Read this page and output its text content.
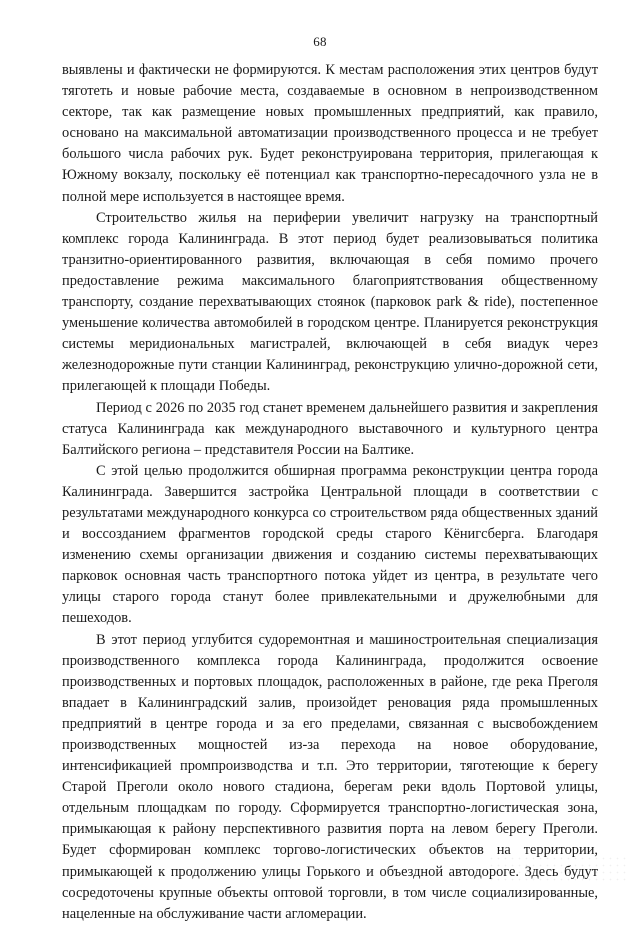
68

выявлены и фактически не формируются. К местам расположения этих центров будут тяготеть и новые рабочие места, создаваемые в основном в непроизводственном секторе, так как размещение новых промышленных предприятий, как правило, основано на максимальной автоматизации производственного процесса и не требует большого числа рабочих рук. Будет реконструирована территория, прилегающая к Южному вокзалу, поскольку её потенциал как транспортно-пересадочного узла не в полной мере используется в настоящее время.

Строительство жилья на периферии увеличит нагрузку на транспортный комплекс города Калининграда. В этот период будет реализовываться политика транзитно-ориентированного развития, включающая в себя помимо прочего предоставление режима максимального благоприятствования общественному транспорту, создание перехватывающих стоянок (парковок park & ride), постепенное уменьшение количества автомобилей в городском центре. Планируется реконструкция системы меридиональных магистралей, включающей в себя виадук через железнодорожные пути станции Калининград, реконструкцию улично-дорожной сети, прилегающей к площади Победы.

Период с 2026 по 2035 год станет временем дальнейшего развития и закрепления статуса Калининграда как международного выставочного и культурного центра Балтийского региона – представителя России на Балтике.

С этой целью продолжится обширная программа реконструкции центра города Калининграда. Завершится застройка Центральной площади в соответствии с результатами международного конкурса со строительством ряда общественных зданий и воссозданием фрагментов городской среды старого Кёнигсберга. Благодаря изменению схемы организации движения и созданию системы перехватывающих парковок основная часть транспортного потока уйдет из центра, в результате чего улицы старого города станут более привлекательными и дружелюбными для пешеходов.

В этот период углубится судоремонтная и машиностроительная специализация производственного комплекса города Калининграда, продолжится освоение производственных и портовых площадок, расположенных в районе, где река Преголя впадает в Калининградский залив, произойдет реновация ряда промышленных предприятий в центре города и за его пределами, связанная с высвобождением производственных мощностей из-за перехода на новое оборудование, интенсификацией промпроизводства и т.п. Это территории, тяготеющие к берегу Старой Преголи около нового стадиона, берегам реки вдоль Портовой улицы, отдельным площадкам по городу. Сформируется транспортно-логистическая зона, примыкающая к району перспективного развития порта на левом берегу Преголи. Будет сформирован комплекс торгово-логистических объектов на территории, примыкающей к продолжению улицы Горького и объездной автодороге. Здесь будут сосредоточены крупные объекты оптовой торговли, в том числе социализированные, нацеленные на обслуживание части агломерации.
